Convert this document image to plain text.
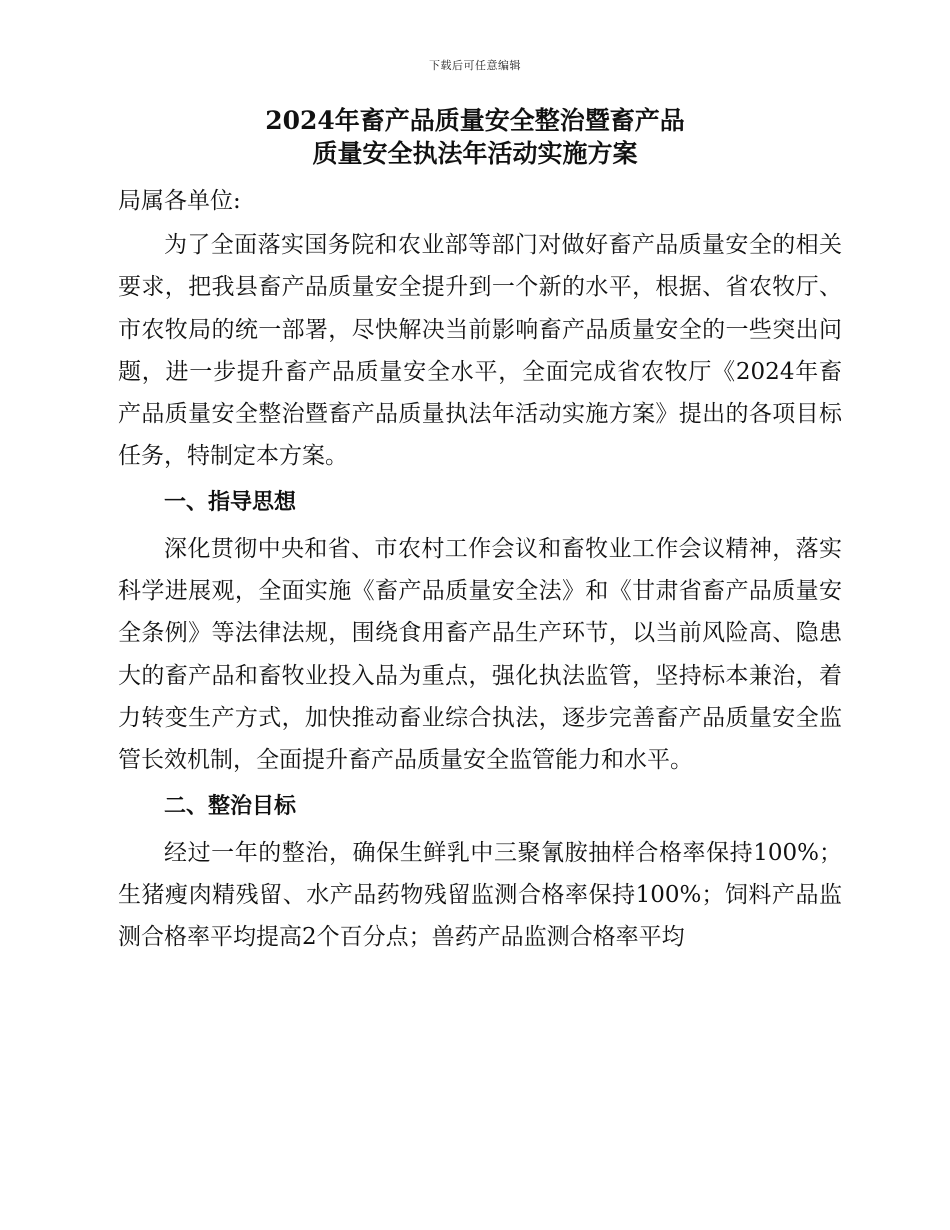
下载后可任意编辑
2024年畜产品质量安全整治暨畜产品
质量安全执法年活动实施方案
局属各单位:

为了全面落实国务院和农业部等部门对做好畜产品质量安全的相关要求，把我县畜产品质量安全提升到一个新的水平，根据、省农牧厅、市农牧局的统一部署，尽快解决当前影响畜产品质量安全的一些突出问题，进一步提升畜产品质量安全水平，全面完成省农牧厅《2024年畜产品质量安全整治暨畜产品质量执法年活动实施方案》提出的各项目标任务，特制定本方案。

一、指导思想

深化贯彻中央和省、市农村工作会议和畜牧业工作会议精神，落实科学进展观，全面实施《畜产品质量安全法》和《甘肃省畜产品质量安全条例》等法律法规，围绕食用畜产品生产环节，以当前风险高、隐患大的畜产品和畜牧业投入品为重点，强化执法监管，坚持标本兼治，着力转变生产方式，加快推动畜业综合执法，逐步完善畜产品质量安全监管长效机制，全面提升畜产品质量安全监管能力和水平。

二、整治目标

经过一年的整治，确保生鲜乳中三聚氰胺抽样合格率保持100%；生猪瘦肉精残留、水产品药物残留监测合格率保持100%；饲料产品监测合格率平均提高2个百分点；兽药产品监测合格率平均
